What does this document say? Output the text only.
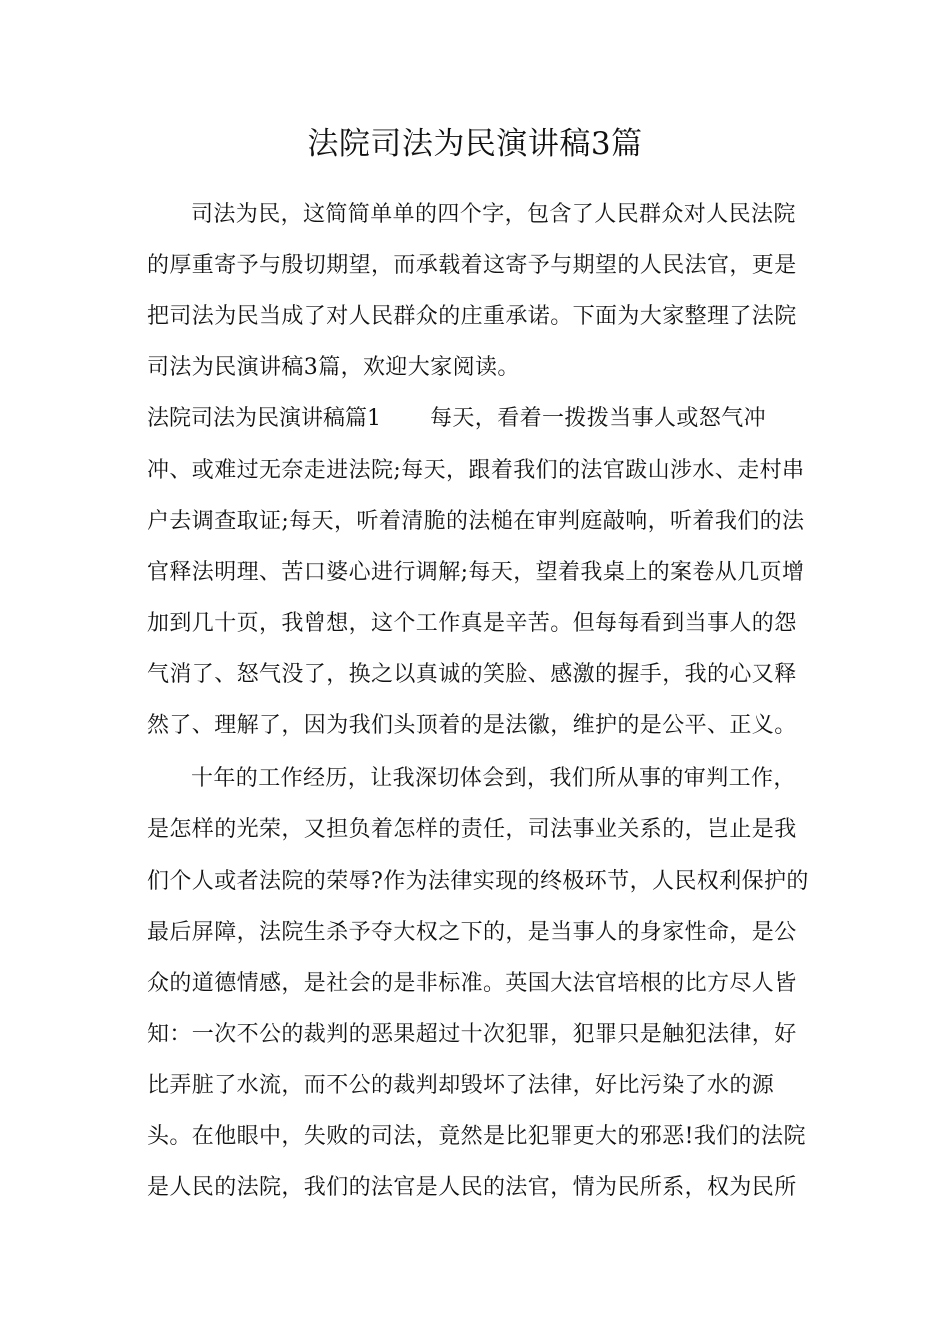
法院司法为民演讲稿3篇
司法为民，这简简单单的四个字，包含了人民群众对人民法院
的厚重寄予与殷切期望，而承载着这寄予与期望的人民法官，更是
把司法为民当成了对人民群众的庄重承诺。下面为大家整理了法院
司法为民演讲稿3篇，欢迎大家阅读。
法院司法为民演讲稿篇1 每天，看着一拨拨当事人或怒气冲
冲、或难过无奈走进法院;每天，跟着我们的法官跋山涉水、走村串
户去调查取证;每天，听着清脆的法槌在审判庭敲响，听着我们的法
官释法明理、苦口婆心进行调解;每天，望着我桌上的案卷从几页增
加到几十页，我曾想，这个工作真是辛苦。但每每看到当事人的怨
气消了、怒气没了，换之以真诚的笑脸、感激的握手，我的心又释
然了、理解了，因为我们头顶着的是法徽，维护的是公平、正义。
十年的工作经历，让我深切体会到，我们所从事的审判工作，
是怎样的光荣，又担负着怎样的责任，司法事业关系的，岂止是我
们个人或者法院的荣辱?作为法律实现的终极环节，人民权利保护的
最后屏障，法院生杀予夺大权之下的，是当事人的身家性命，是公
众的道德情感，是社会的是非标准。英国大法官培根的比方尽人皆
知：一次不公的裁判的恶果超过十次犯罪，犯罪只是触犯法律，好
比弄脏了水流，而不公的裁判却毁坏了法律，好比污染了水的源
头。在他眼中，失败的司法，竟然是比犯罪更大的邪恶!我们的法院
是人民的法院，我们的法官是人民的法官，情为民所系，权为民所
